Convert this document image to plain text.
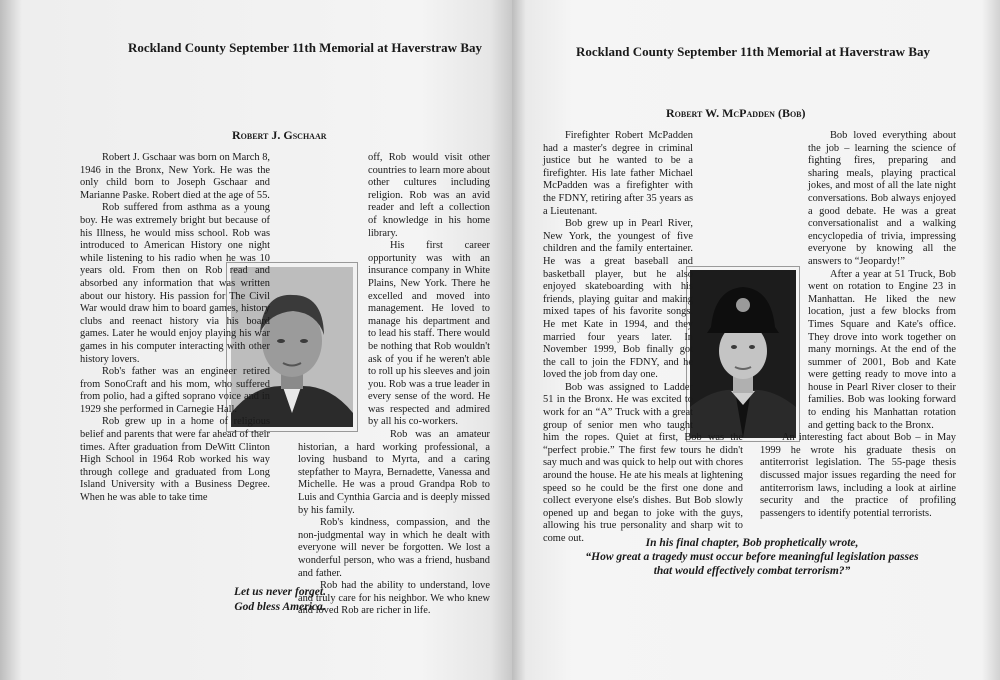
Rockland County September 11th Memorial at Haverstraw Bay
Robert J. Gschaar

Robert J. Gschaar was born on March 8, 1946 in the Bronx, New York. He was the only child born to Joseph Gschaar and Marianne Paske. Robert died at the age of 55.

Rob suffered from asthma as a young boy. He was extremely bright but because of his Illness, he would miss school. Rob was introduced to American History one night while listening to his radio when he was 10 years old. From then on Rob read and absorbed any information that was written about our history. His passion for The Civil War would draw him to board games, history clubs and reenact history via his board games. Later he would enjoy playing his war games in his computer interacting with other history lovers.

Rob's father was an engineer retired from SonoCraft and his mom, who suffered from polio, had a gifted soprano voice and in 1929 she performed in Carnegie Hall.

Rob grew up in a home of religious belief and parents that were far ahead of their times. After graduation from DeWitt Clinton High School in 1964 Rob worked his way through college and graduated from Long Island University with a Business Degree. When he was able to take time

off, Rob would visit other countries to learn more about other cultures including religion. Rob was an avid reader and left a collection of knowledge in his home library.

His first career opportunity was with an insurance company in White Plains, New York. There he excelled and moved into management. He loved to manage his department and to lead his staff. There would be nothing that Rob wouldn't ask of you if he weren't able to roll up his sleeves and join you. Rob was a true leader in every sense of the word. He was respected and admired by all his co-workers.

Rob was an amateur historian, a hard working professional, a loving husband to Myrta, and a caring stepfather to Mayra, Bernadette, Vanessa and Michelle. He was a proud Grandpa Rob to Luis and Cynthia Garcia and is deeply missed by his family.

Rob's kindness, compassion, and the non-judgmental way in which he dealt with everyone will never be forgotten. We lost a wonderful person, who was a friend, husband and father.

Rob had the ability to understand, love and truly care for his neighbor. We who knew and loved Rob are richer in life.

Let us never forget.
God bless America.
Rockland County September 11th Memorial at Haverstraw Bay
Robert W. McPadden (Bob)

Firefighter Robert McPadden had a master's degree in criminal justice but he wanted to be a firefighter. His late father Michael McPadden was a firefighter with the FDNY, retiring after 35 years as a Lieutenant.

Bob grew up in Pearl River, New York, the youngest of five children and the family entertainer. He was a great baseball and basketball player, but he also enjoyed skateboarding with his friends, playing guitar and making mixed tapes of his favorite songs. He met Kate in 1994, and they married four years later. In November 1999, Bob finally got the call to join the FDNY, and he loved the job from day one.

Bob was assigned to Ladder 51 in the Bronx. He was excited to work for an “A” Truck with a great group of senior men who taught him the ropes. Quiet at first, Bob was the “perfect probie.” The first few tours he didn't say much and was quick to help out with chores around the house. He ate his meals at lightening speed so he could be the first one done and collect everyone else's dishes. But Bob slowly opened up and began to joke with the guys, allowing his true personality and sharp wit to come out.

Bob loved everything about the job – learning the science of fighting fires, preparing and sharing meals, playing practical jokes, and most of all the late night conversations. Bob always enjoyed a good debate. He was a great conversationalist and a walking encyclopedia of trivia, impressing everyone by knowing all the answers to “Jeopardy!”

After a year at 51 Truck, Bob went on rotation to Engine 23 in Manhattan. He liked the new location, just a few blocks from Times Square and Kate's office. They drove into work together on many mornings. At the end of the summer of 2001, Bob and Kate were getting ready to move into a house in Pearl River closer to their families. Bob was looking forward to ending his Manhattan rotation and getting back to the Bronx.

An interesting fact about Bob – in May 1999 he wrote his graduate thesis on antiterrorist legislation. The 55-page thesis discussed major issues regarding the need for antiterrorism laws, including a look at airline security and the practice of profiling passengers to identify potential terrorists.

In his final chapter, Bob prophetically wrote,
“How great a tragedy must occur before meaningful legislation passes
that would effectively combat terrorism?”
